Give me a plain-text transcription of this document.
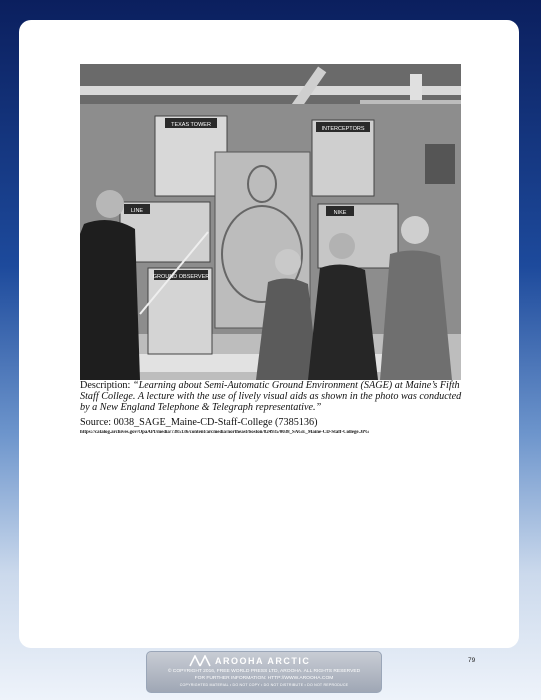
TEXAS TOWER
INTERCEPTORS
NIKE
LINE
GROUND OBSERVER
Description: “Learning about Semi-Automatic Ground Environment (SAGE) at Maine’s Fifth Staff College. A lecture with the use of lively visual aids as shown in the photo was conducted by a New England Telephone & Telegraph representative.”
Source: 0038_SAGE_Maine-CD-Staff-College (7385136)
https://catalog.archives.gov/OpaAPI/media/7385136/content/arcmedia/northeast/boston/824935/0038_SAGE_Maine-CD-Staff-College.JPG
79
AROOHA ARCTIC
© COPYRIGHT 2016, FREE WORLD PRESS LTD, AROOHA. ALL RIGHTS RESERVED
FOR FURTHER INFORMATION: HTTP://WWW.AROOHA.COM
COPYRIGHTED MATERIAL • DO NOT COPY • DO NOT DISTRIBUTE • DO NOT REPRODUCE
